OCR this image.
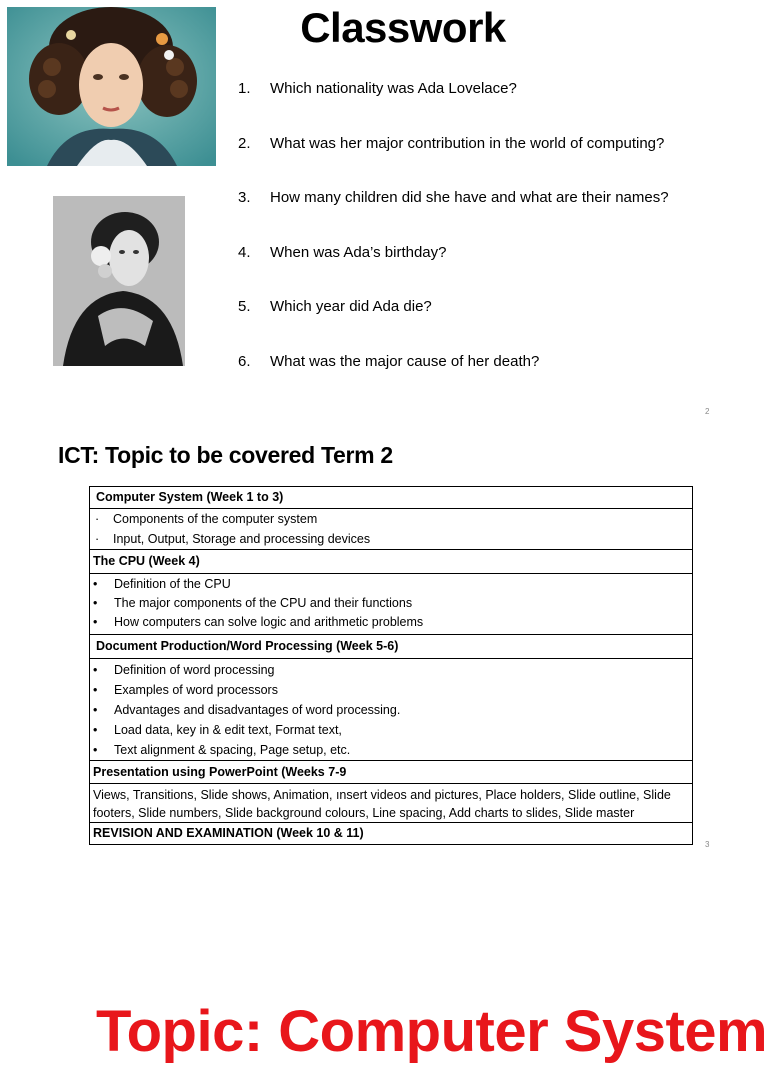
Classwork
1.	Which nationality was Ada Lovelace?
2.	What was her major contribution in the world of computing?
3.	How many children did she have and what are their names?
4.	When was Ada’s birthday?
5.	Which year did Ada die?
6.	What was the major cause of her death?
2
ICT: Topic to be covered Term 2
Computer System (Week 1 to 3)

· Components of the computer system
· Input, Output, Storage and processing devices

The CPU (Week 4)

•	Definition of the CPU
•	The major components of the CPU and their functions
•	How computers can solve logic and arithmetic problems

Document Production/Word Processing (Week 5-6)

•	Definition of word processing
•	Examples of word processors
•	Advantages and disadvantages of word processing.
•	Load data, key in & edit text, Format text,
•	Text alignment & spacing, Page setup, etc.

Presentation using PowerPoint (Weeks 7-9
Views, Transitions, Slide shows, Animation, ınsert videos and pictures, Place holders, Slide outline, Slide footers, Slide numbers, Slide background colours, Line spacing, Add charts to slides, Slide master
REVISION AND EXAMINATION (Week 10 & 11)
3
Topic: Computer System
